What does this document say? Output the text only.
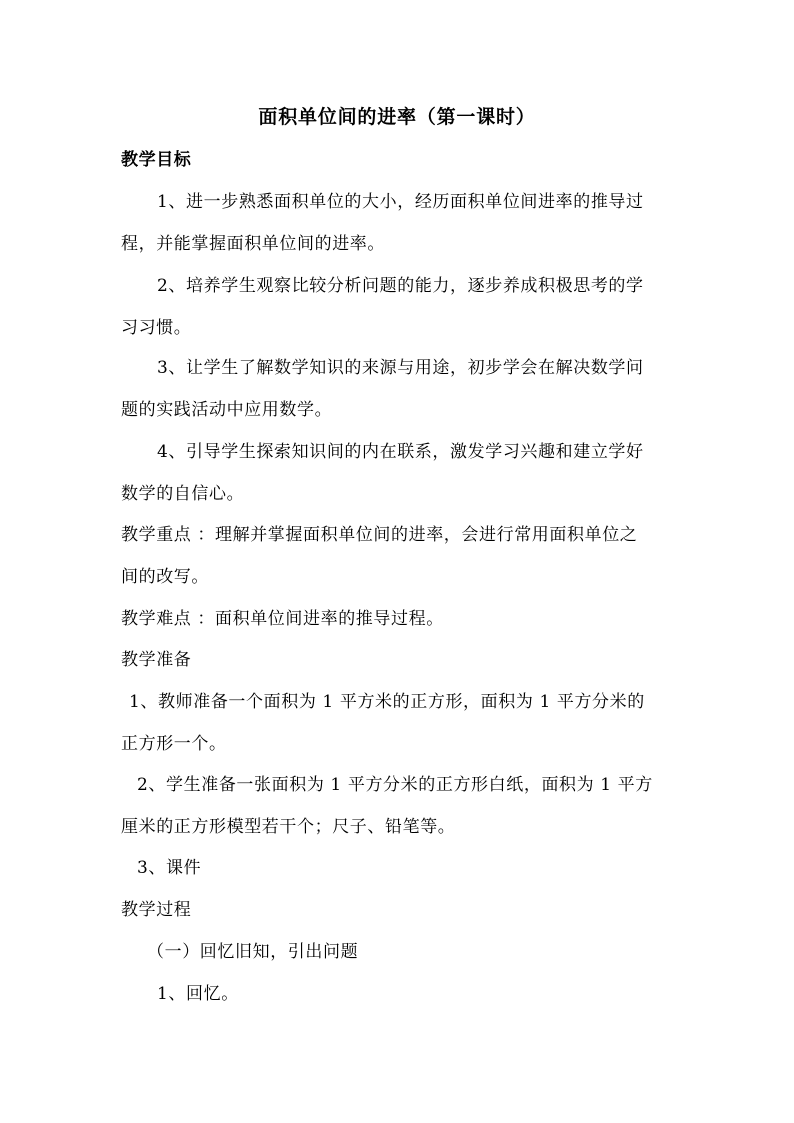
面积单位间的进率（第一课时）
教学目标
1、进一步熟悉面积单位的大小，经历面积单位间进率的推导过
程，并能掌握面积单位间的进率。
2、培养学生观察比较分析问题的能力，逐步养成积极思考的学
习习惯。
3、让学生了解数学知识的来源与用途，初步学会在解决数学问
题的实践活动中应用数学。
4、引导学生探索知识间的内在联系，激发学习兴趣和建立学好
数学的自信心。
教学重点 ：理解并掌握面积单位间的进率，会进行常用面积单位之
间的改写。
教学难点 ：面积单位间进率的推导过程。
教学准备
1、教师准备一个面积为 1 平方米的正方形，面积为 1 平方分米的
正方形一个。
2、学生准备一张面积为 1 平方分米的正方形白纸，面积为 1 平方
厘米的正方形模型若干个；尺子、铅笔等。
3、课件
教学过程
（一）回忆旧知，引出问题
1、回忆。
